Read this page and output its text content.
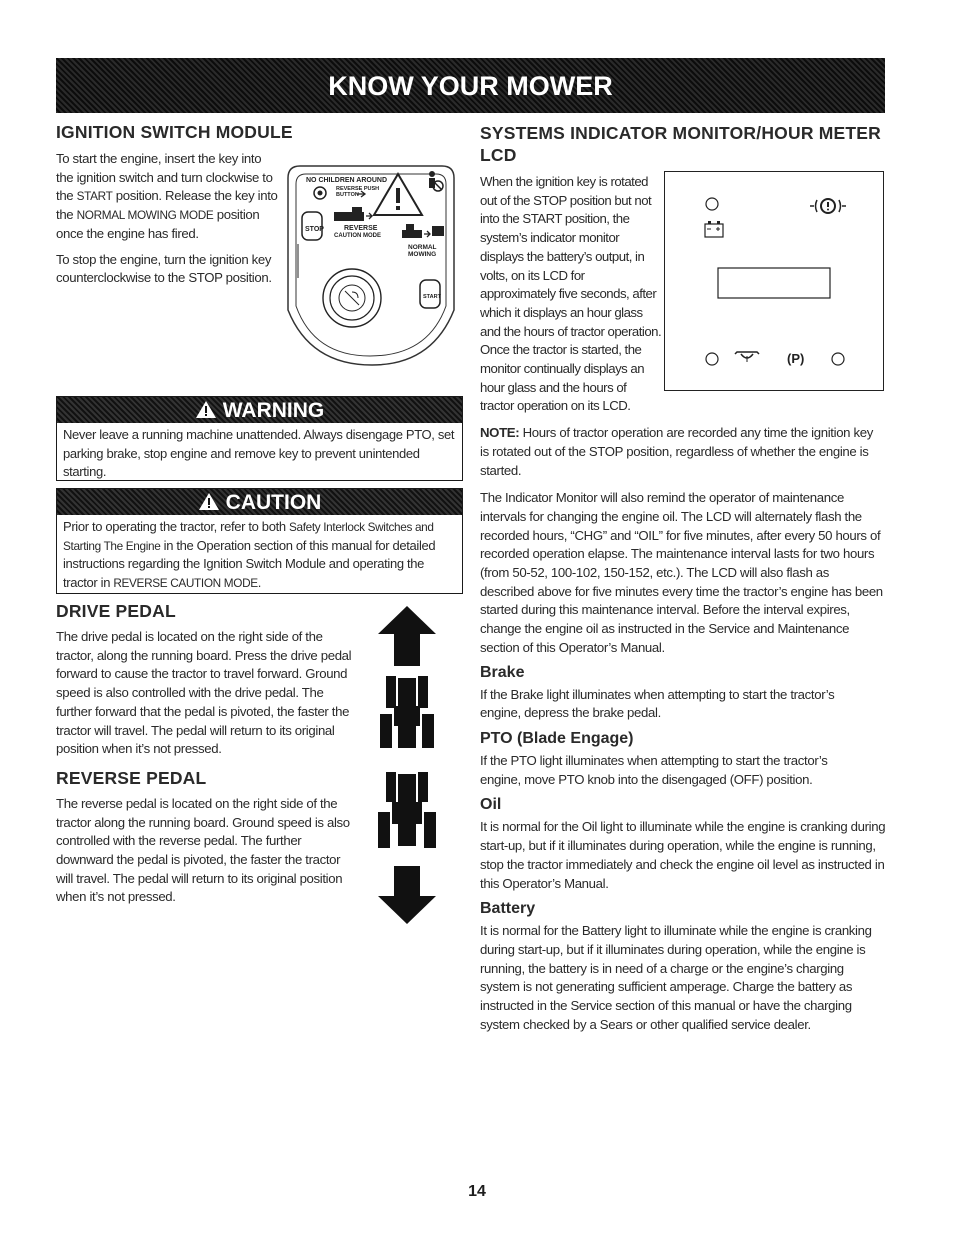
KNOW YOUR MOWER
IGNITION SWITCH MODULE

To start the engine, insert the key into the ignition switch and turn clockwise to the START position. Release the key into the NORMAL MOWING MODE position once the engine has fired.

To stop the engine, turn the ignition key counterclockwise to the STOP position.

NO CHILDREN AROUND
REVERSE PUSH
BUTTON
STOP	REVERSE
CAUTION MODE
NORMAL
MOWING
START
WARNING

Never leave a running machine unattended. Always disengage PTO, set parking brake, stop engine and remove key to prevent unintended starting.

CAUTION

Prior to operating the tractor, refer to both Safety Interlock Switches and Starting The Engine in the Operation section of this manual for detailed instructions regarding the Ignition Switch Module and operating the tractor in REVERSE CAUTION MODE.

DRIVE PEDAL

The drive pedal is located on the right side of the tractor, along the running board. Press the drive pedal forward to cause the tractor to travel forward. Ground speed is also controlled with the drive pedal. The further forward that the pedal is pivoted, the faster the tractor will travel. The pedal will return to its original position when it’s not pressed.

REVERSE PEDAL

The reverse pedal is located on the right side of the tractor along the running board. Ground speed is also controlled with the reverse pedal. The further downward the pedal is pivoted, the faster the tractor will travel. The pedal will return to its original position when it’s not pressed.

SYSTEMS INDICATOR MONITOR/HOUR METER LCD

When the ignition key is rotated out of the STOP position but not into the START position, the system’s indicator monitor displays the battery’s output, in volts, on its LCD for approximately five seconds, after which it displays an hour glass and the hours of tractor operation. Once the tractor is started, the monitor continually displays an hour glass and the hours of tractor operation on its LCD.

NOTE: Hours of tractor operation are recorded any time the ignition key is rotated out of the STOP position, regardless of whether the engine is started.

The Indicator Monitor will also remind the operator of maintenance intervals for changing the engine oil. The LCD will alternately flash the recorded hours, “CHG” and “OIL” for five minutes, after every 50 hours of recorded operation elapse. The maintenance interval lasts for two hours (from 50-52, 100-102, 150-152, etc.). The LCD will also flash as described above for five minutes every time the tractor’s engine has been started during this maintenance interval. Before the interval expires, change the engine oil as instructed in the Service and Maintenance section of this Operator’s Manual.

Brake

If the Brake light illuminates when attempting to start the tractor’s engine, depress the brake pedal.

PTO (Blade Engage)

If the PTO light illuminates when attempting to start the tractor’s engine, move PTO knob into the disengaged (OFF) position.

Oil

It is normal for the Oil light to illuminate while the engine is cranking during start-up, but if it illuminates during operation, while the engine is running, stop the tractor immediately and check the engine oil level as instructed in this Operator’s Manual.

Battery

It is normal for the Battery light to illuminate while the engine is cranking during start-up, but if it illuminates during operation, while the engine is running, the battery is in need of a charge or the engine’s charging system is not generating sufficient amperage. Charge the battery as instructed in the Service section of this manual or have the charging system checked by a Sears or other qualified service dealer.

(P)
14
